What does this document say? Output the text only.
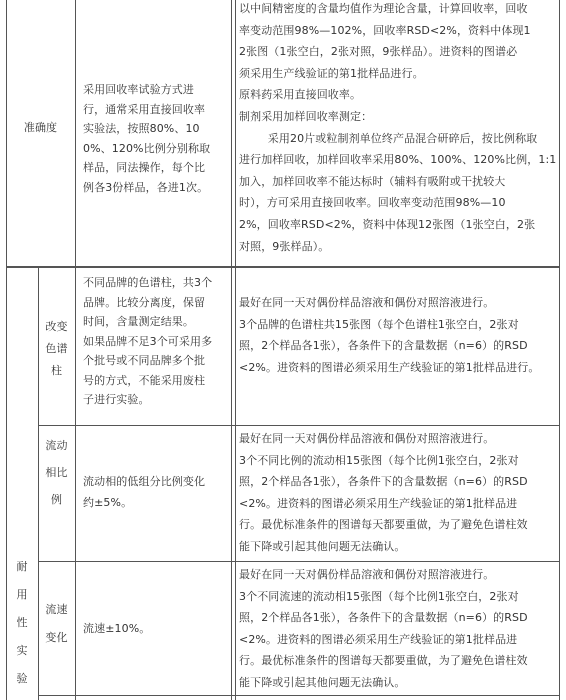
准确度
采用回收率试验方式进
行，通常采用直接回收率
实验法，按照80%、10
0%、120%比例分别称取
样品，同法操作，每个比
例各3份样品，各进1次。
以中间精密度的含量均值作为理论含量，计算回收率，回收
率变动范围98%—102%，回收率RSD<2%，资料中体现1
2张图（1张空白，2张对照，9张样品）。进资料的图谱必
须采用生产线验证的第1批样品进行。
原料药采用直接回收率。
制剂采用加样回收率测定：
采用20片或粒制剂单位终产品混合研碎后，按比例称取
进行加样回收，加样回收率采用80%、100%、120%比例，1:1
加入，加样回收率不能达标时（辅料有吸附或干扰较大
时），方可采用直接回收率。回收率变动范围98%—10
2%，回收率RSD<2%，资料中体现12张图（1张空白，2张
对照，9张样品）。
耐
用
性
实
验
改变
色谱
柱
不同品牌的色谱柱，共3个
品牌。比较分离度，保留
时间，含量测定结果。
如果品牌不足3个可采用多
个批号或不同品牌多个批
号的方式，不能采用废柱
子进行实验。
最好在同一天对偶份样品溶液和偶份对照溶液进行。
3个品牌的色谱柱共15张图（每个色谱柱1张空白，2张对
照，2个样品各1张），各条件下的含量数据（n=6）的RSD
<2%。进资料的图谱必须采用生产线验证的第1批样品进行。
流动
相比
例
流动相的低组分比例变化
约±5%。
最好在同一天对偶份样品溶液和偶份对照溶液进行。
3个不同比例的流动相15张图（每个比例1张空白，2张对
照，2个样品各1张），各条件下的含量数据（n=6）的RSD
<2%。进资料的图谱必须采用生产线验证的第1批样品进
行。最优标准条件的图谱每天都要重做，为了避免色谱柱效
能下降或引起其他问题无法确认。
流速
变化
流速±10%。
最好在同一天对偶份样品溶液和偶份对照溶液进行。
3个不同流速的流动相15张图（每个比例1张空白，2张对
照，2个样品各1张），各条件下的含量数据（n=6）的RSD
<2%。进资料的图谱必须采用生产线验证的第1批样品进
行。最优标准条件的图谱每天都要重做，为了避免色谱柱效
能下降或引起其他问题无法确认。
